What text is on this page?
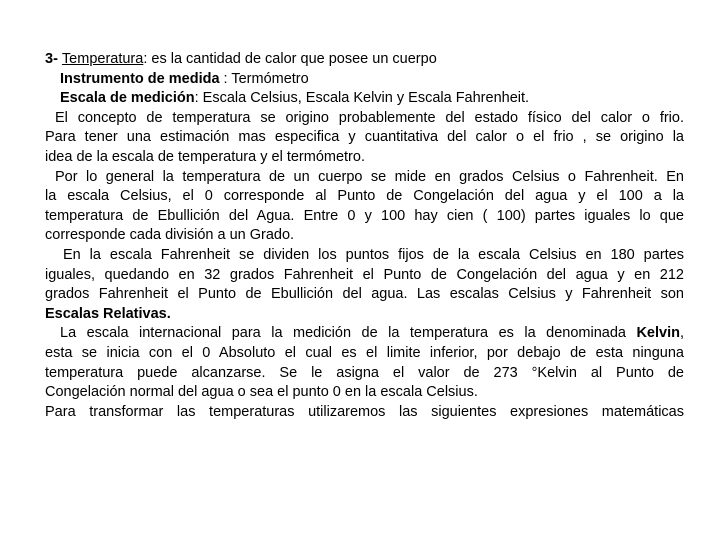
3- Temperatura: es la cantidad de calor que posee un cuerpo
Instrumento de medida : Termómetro
Escala de medición: Escala Celsius, Escala Kelvin y Escala Fahrenheit.
El concepto de temperatura se origino probablemente del estado físico del calor o frio.
Para tener una estimación mas especifica y cuantitativa del calor o el frio , se origino la
idea de la escala de temperatura y el termómetro.
Por lo general la temperatura de un cuerpo se mide en grados Celsius o Fahrenheit. En
la escala Celsius, el 0 corresponde al Punto de Congelación del agua y el 100 a la
temperatura de Ebullición del Agua. Entre 0 y 100 hay cien ( 100) partes iguales lo que
corresponde cada división a un Grado.
En la escala Fahrenheit se dividen los puntos fijos de la escala Celsius en 180 partes
iguales, quedando en 32 grados Fahrenheit el Punto de Congelación del agua y en 212
grados Fahrenheit el Punto de Ebullición del agua. Las escalas Celsius y Fahrenheit son
Escalas Relativas.
La escala internacional para la medición de la temperatura es la denominada Kelvin,
esta se inicia con el 0 Absoluto el cual es el limite inferior, por debajo de esta ninguna
temperatura puede alcanzarse. Se le asigna el valor de 273 °Kelvin al Punto de
Congelación normal del agua o sea el punto 0 en la escala Celsius.
Para transformar las temperaturas utilizaremos las siguientes expresiones matemáticas
